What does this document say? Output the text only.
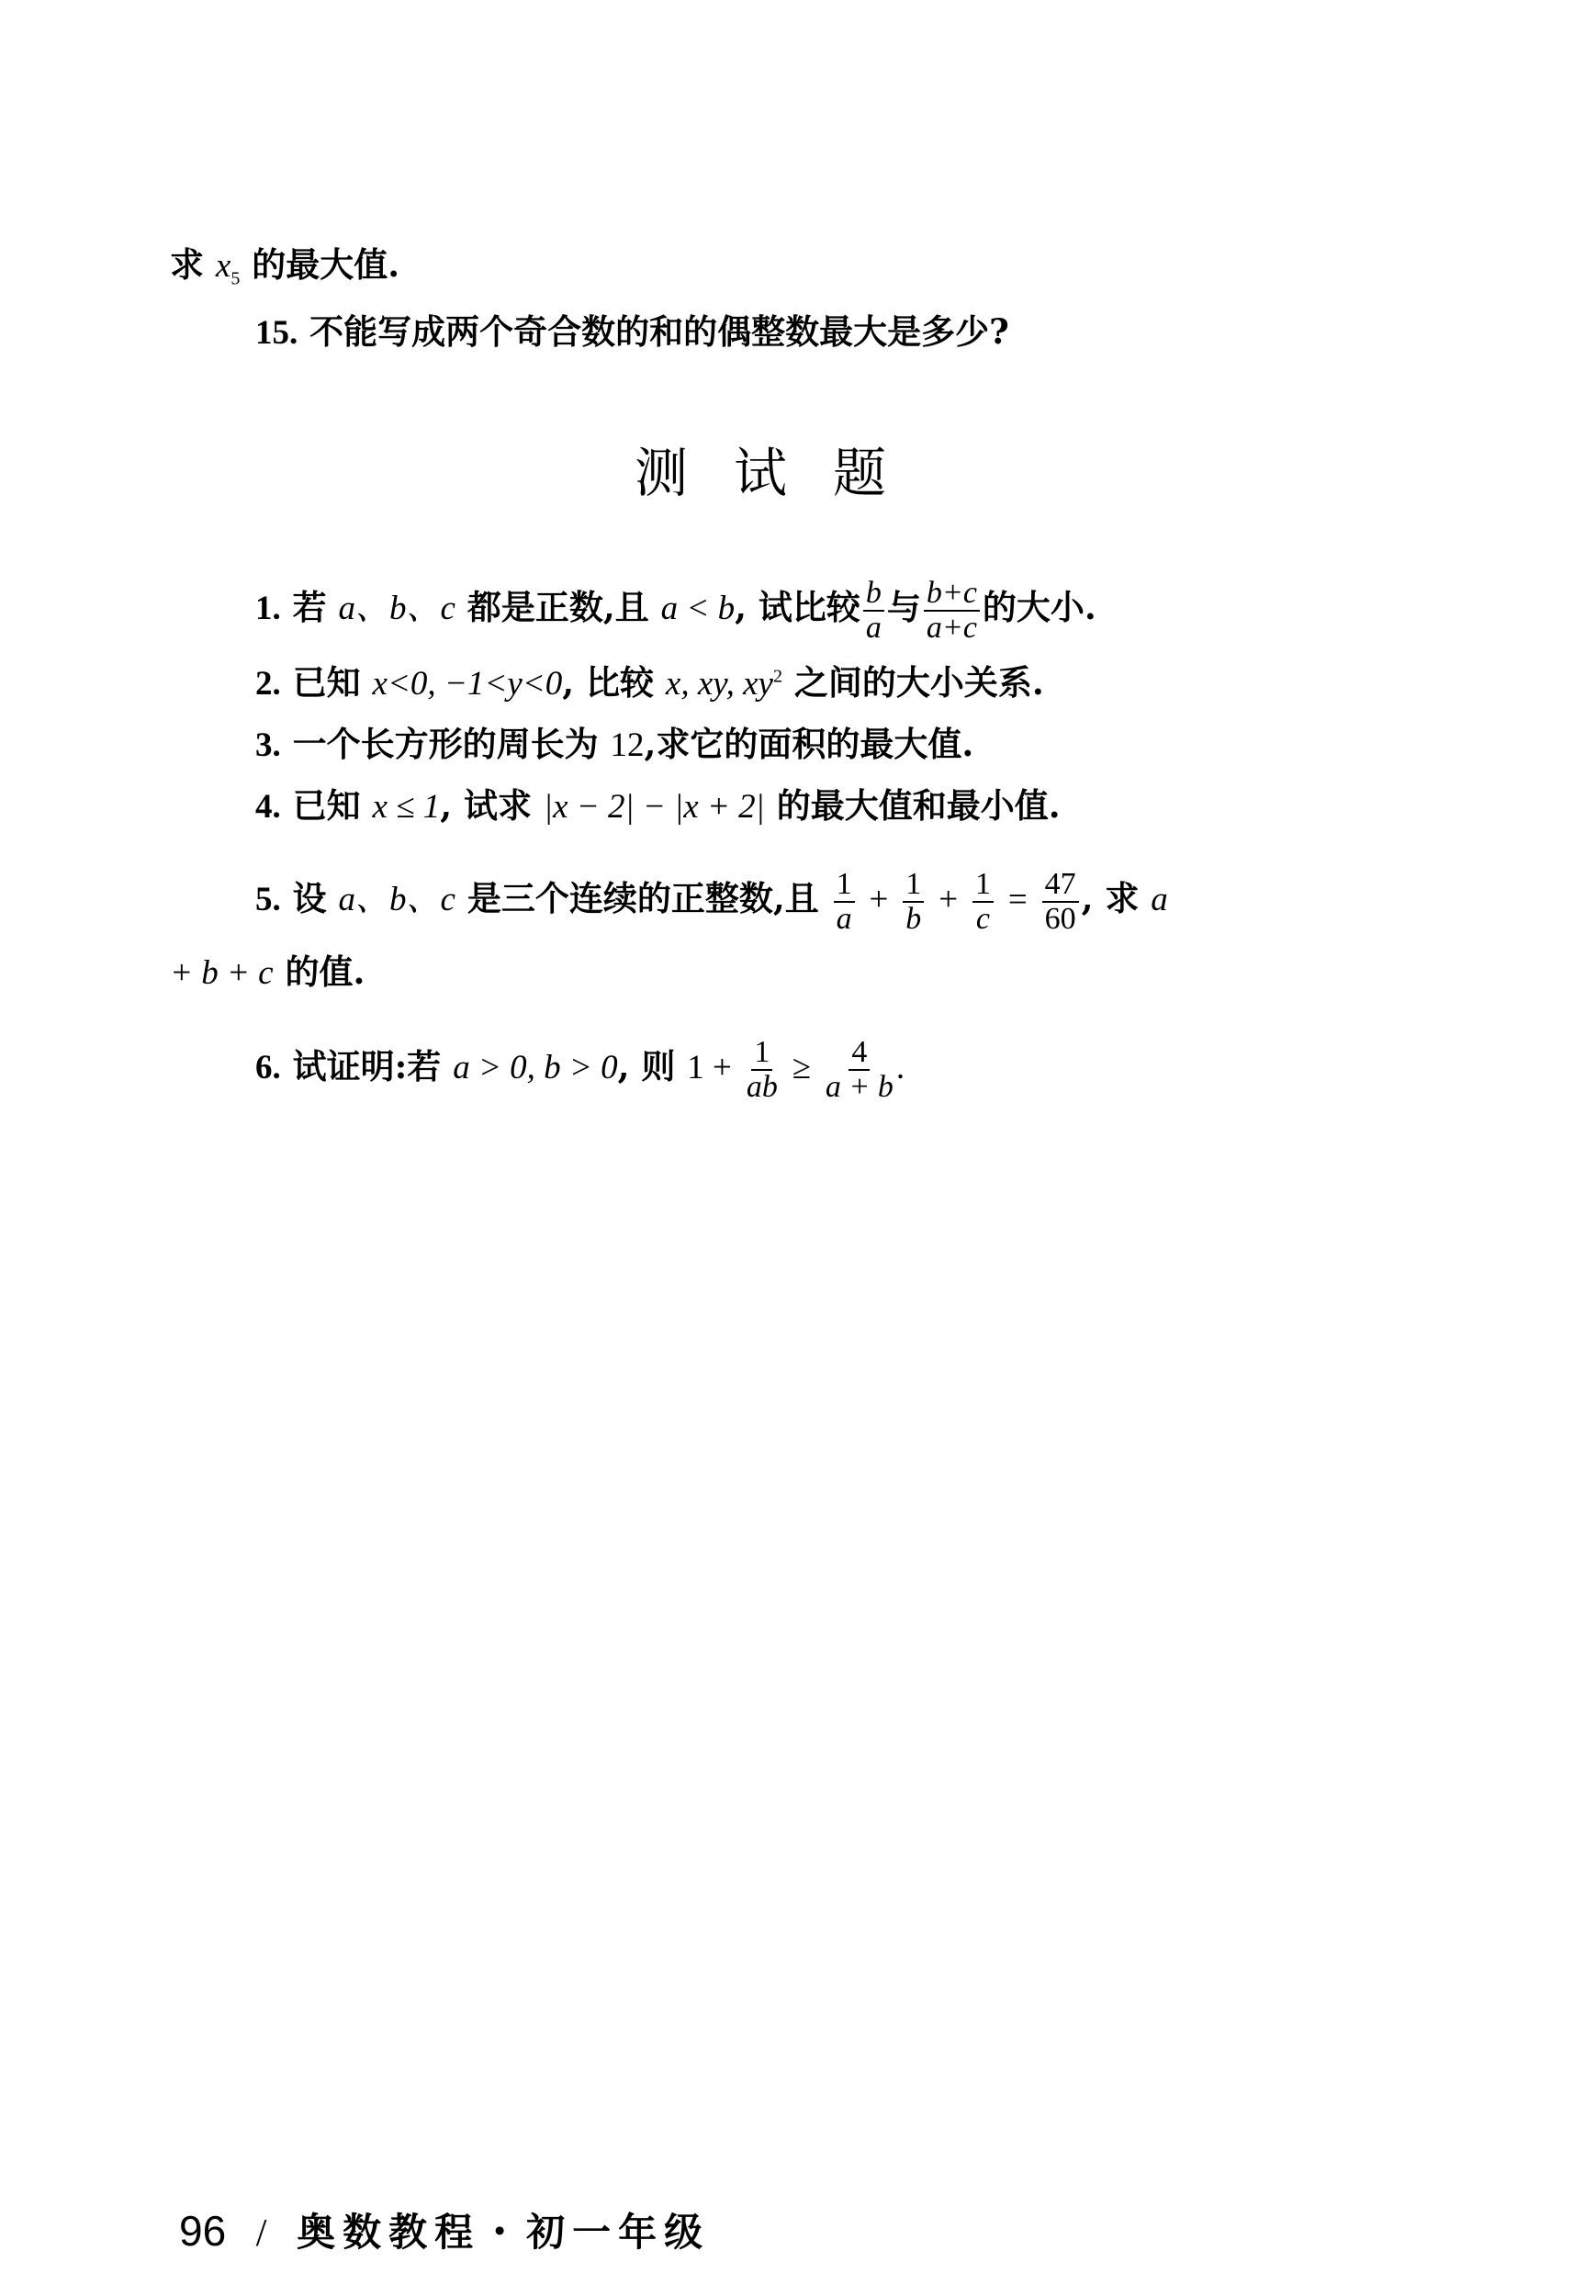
求 $x_5$ 的最大值.
15. 不能写成两个奇合数的和的偶整数最大是多少?
测试题
1. 若 a、b、c 都是正数,且 a < b, 试比较 $\frac{b}{a}$ 与 $\frac{b+c}{a+c}$ 的大小.
2. 已知 x<0, −1<y<0, 比较 x, xy, $xy^2$ 之间的大小关系.
3. 一个长方形的周长为 12,求它的面积的最大值.
4. 已知 x ≤ 1, 试求 |x − 2| − |x + 2| 的最大值和最小值.
5. 设 a、b、c 是三个连续的正整数,且 $\frac{1}{a} + \frac{1}{b} + \frac{1}{c} = \frac{47}{60}$ , 求 a
+ b + c 的值.
6. 试证明:若 a > 0, b > 0, 则 $1 + \frac{1}{ab} \ge \frac{4}{a + b}$ .
96 / 奥数教程・初一年级
